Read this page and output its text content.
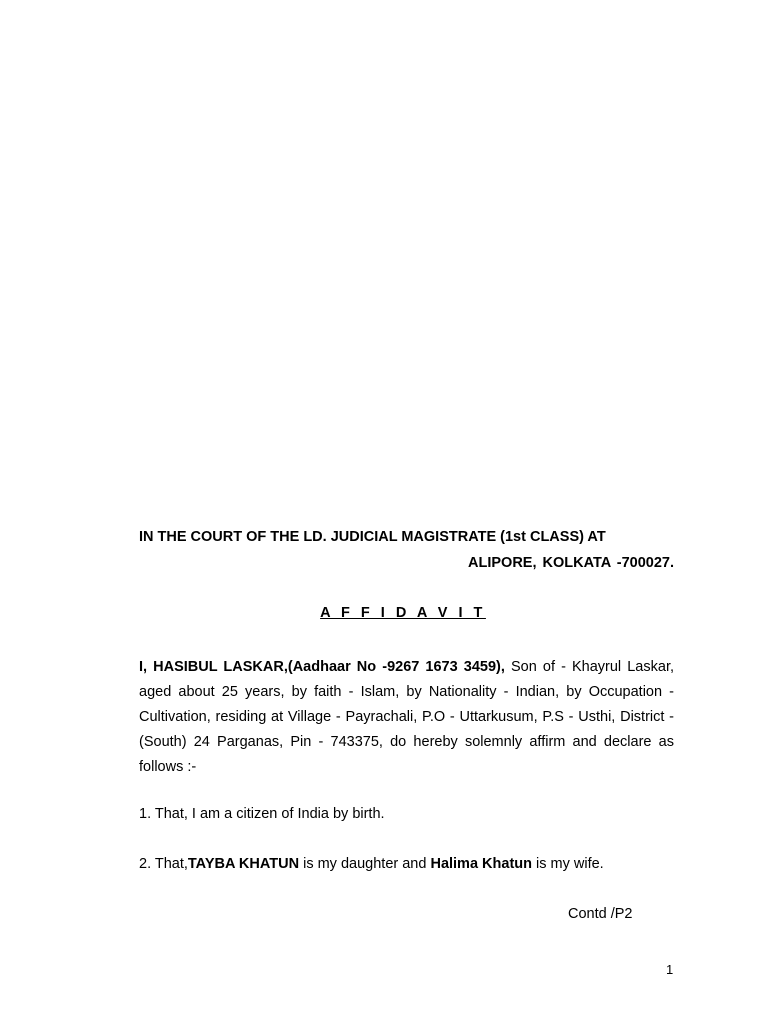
IN THE COURT OF THE LD. JUDICIAL MAGISTRATE (1st CLASS) AT
ALIPORE, KOLKATA -700027.
A F F I D A V I T
I, HASIBUL LASKAR,(Aadhaar No -9267 1673 3459), Son of - Khayrul Laskar, aged about 25 years, by faith - Islam, by Nationality - Indian, by Occupation - Cultivation, residing at Village - Payrachali, P.O - Uttarkusum, P.S - Usthi, District - (South) 24 Parganas, Pin - 743375, do hereby solemnly affirm and declare as follows :-
1. That, I am a citizen of India by birth.
2. That,TAYBA KHATUN is my daughter and Halima Khatun is my wife.
Contd /P2
1
